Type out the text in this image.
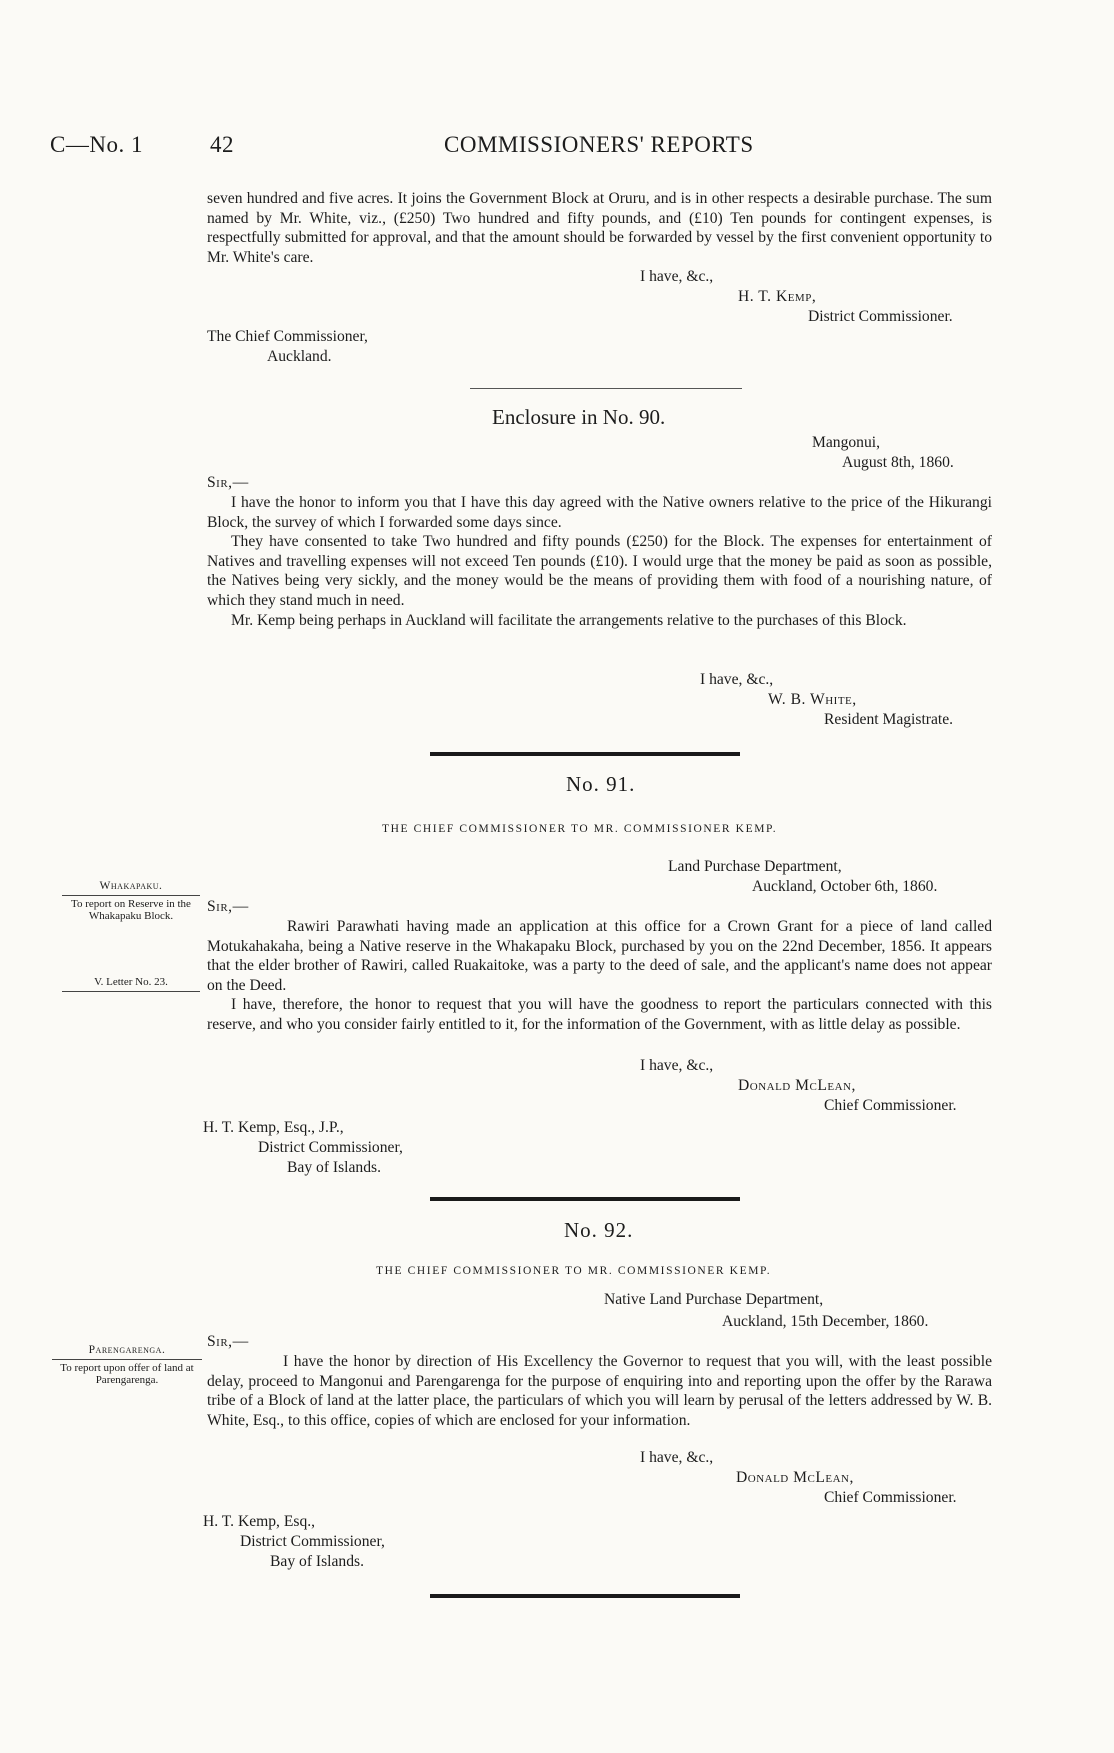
C—No. 1	42	COMMISSIONERS' REPORTS

seven hundred and five acres. It joins the Government Block at Oruru, and is in other respects a desirable purchase. The sum named by Mr. White, viz., (£250) Two hundred and fifty pounds, and (£10) Ten pounds for contingent expenses, is respectfully submitted for approval, and that the amount should be forwarded by vessel by the first convenient opportunity to Mr. White's care.

I have, &c.,
H. T. Kemp,
District Commissioner.
The Chief Commissioner,
Auckland.
Enclosure in No. 90.
Mangonui,
August 8th, 1860.
Sir,—

I have the honor to inform you that I have this day agreed with the Native owners relative to the price of the Hikurangi Block, the survey of which I forwarded some days since.

They have consented to take Two hundred and fifty pounds (£250) for the Block. The expenses for entertainment of Natives and travelling expenses will not exceed Ten pounds (£10). I would urge that the money be paid as soon as possible, the Natives being very sickly, and the money would be the means of providing them with food of a nourishing nature, of which they stand much in need.

Mr. Kemp being perhaps in Auckland will facilitate the arrangements relative to the purchases of this Block.

I have, &c.,
W. B. White,
Resident Magistrate.
No. 91.
THE CHIEF COMMISSIONER TO MR. COMMISSIONER KEMP.
Land Purchase Department,
Auckland, October 6th, 1860.
Whakapaku.
To report on Reserve in the Whakapaku Block.
V. Letter No. 23.
Sir,—

Rawiri Parawhati having made an application at this office for a Crown Grant for a piece of land called Motukahakaha, being a Native reserve in the Whakapaku Block, purchased by you on the 22nd December, 1856. It appears that the elder brother of Rawiri, called Ruakaitoke, was a party to the deed of sale, and the applicant's name does not appear on the Deed.

I have, therefore, the honor to request that you will have the goodness to report the particulars connected with this reserve, and who you consider fairly entitled to it, for the information of the Government, with as little delay as possible.

I have, &c.,
Donald McLean,
Chief Commissioner.
H. T. Kemp, Esq., J.P.,
District Commissioner,
Bay of Islands.
No. 92.
THE CHIEF COMMISSIONER TO MR. COMMISSIONER KEMP.
Native Land Purchase Department,
Auckland, 15th December, 1860.
Parengarenga.
To report upon offer of land at Parengarenga.
Sir,—

I have the honor by direction of His Excellency the Governor to request that you will, with the least possible delay, proceed to Mangonui and Parengarenga for the purpose of enquiring into and reporting upon the offer by the Rarawa tribe of a Block of land at the latter place, the particulars of which you will learn by perusal of the letters addressed by W. B. White, Esq., to this office, copies of which are enclosed for your information.

I have, &c.,
Donald McLean,
Chief Commissioner.
H. T. Kemp, Esq.,
District Commissioner,
Bay of Islands.
